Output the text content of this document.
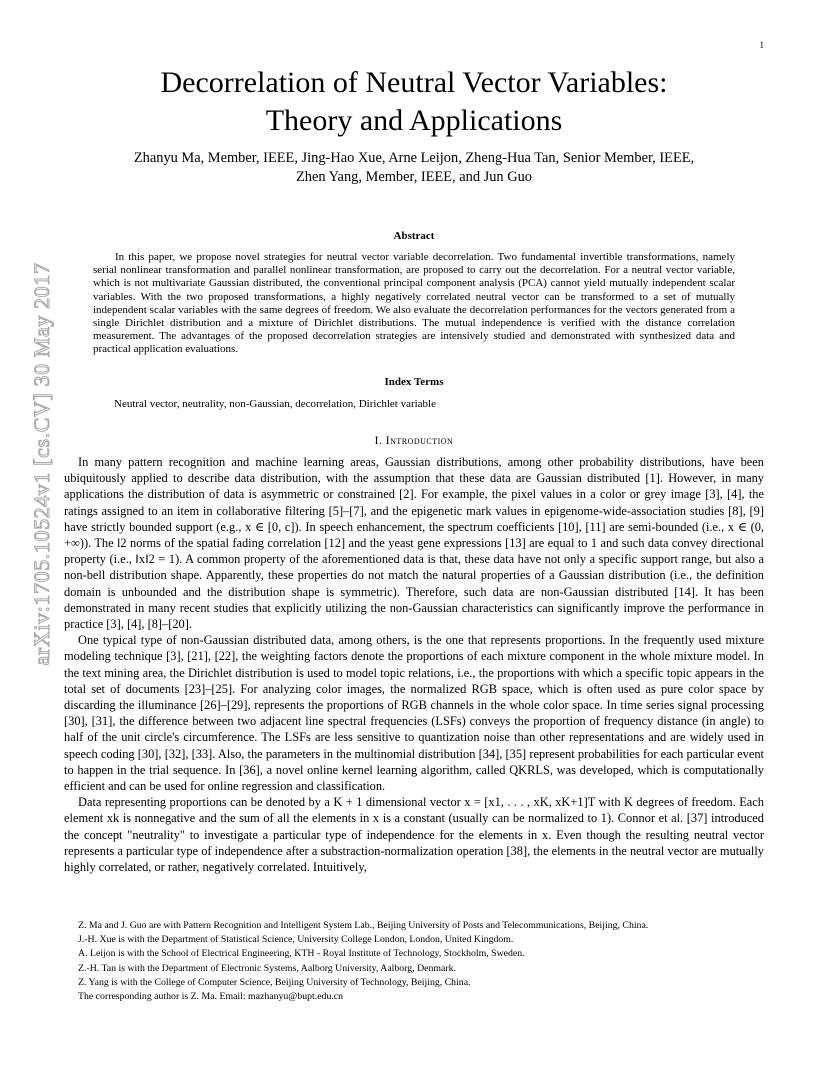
1
arXiv:1705.10524v1 [cs.CV] 30 May 2017
Decorrelation of Neutral Vector Variables:
Theory and Applications
Zhanyu Ma, Member, IEEE, Jing-Hao Xue, Arne Leijon, Zheng-Hua Tan, Senior Member, IEEE,
Zhen Yang, Member, IEEE, and Jun Guo
Abstract

In this paper, we propose novel strategies for neutral vector variable decorrelation. Two fundamental invertible transformations, namely serial nonlinear transformation and parallel nonlinear transformation, are proposed to carry out the decorrelation. For a neutral vector variable, which is not multivariate Gaussian distributed, the conventional principal component analysis (PCA) cannot yield mutually independent scalar variables. With the two proposed transformations, a highly negatively correlated neutral vector can be transformed to a set of mutually independent scalar variables with the same degrees of freedom. We also evaluate the decorrelation performances for the vectors generated from a single Dirichlet distribution and a mixture of Dirichlet distributions. The mutual independence is verified with the distance correlation measurement. The advantages of the proposed decorrelation strategies are intensively studied and demonstrated with synthesized data and practical application evaluations.

Index Terms
Neutral vector, neutrality, non-Gaussian, decorrelation, Dirichlet variable
I. Introduction

In many pattern recognition and machine learning areas, Gaussian distributions, among other probability distributions, have been ubiquitously applied to describe data distribution, with the assumption that these data are Gaussian distributed [1]. However, in many applications the distribution of data is asymmetric or constrained [2]. For example, the pixel values in a color or grey image [3], [4], the ratings assigned to an item in collaborative filtering [5]–[7], and the epigenetic mark values in epigenome-wide-association studies [8], [9] have strictly bounded support (e.g., x ∈ [0, c]). In speech enhancement, the spectrum coefficients [10], [11] are semi-bounded (i.e., x ∈ (0, +∞)). The l2 norms of the spatial fading correlation [12] and the yeast gene expressions [13] are equal to 1 and such data convey directional property (i.e., ‖x‖2 = 1). A common property of the aforementioned data is that, these data have not only a specific support range, but also a non-bell distribution shape. Apparently, these properties do not match the natural properties of a Gaussian distribution (i.e., the definition domain is unbounded and the distribution shape is symmetric). Therefore, such data are non-Gaussian distributed [14]. It has been demonstrated in many recent studies that explicitly utilizing the non-Gaussian characteristics can significantly improve the performance in practice [3], [4], [8]–[20].

One typical type of non-Gaussian distributed data, among others, is the one that represents proportions. In the frequently used mixture modeling technique [3], [21], [22], the weighting factors denote the proportions of each mixture component in the whole mixture model. In the text mining area, the Dirichlet distribution is used to model topic relations, i.e., the proportions with which a specific topic appears in the total set of documents [23]–[25]. For analyzing color images, the normalized RGB space, which is often used as pure color space by discarding the illuminance [26]–[29], represents the proportions of RGB channels in the whole color space. In time series signal processing [30], [31], the difference between two adjacent line spectral frequencies (LSFs) conveys the proportion of frequency distance (in angle) to half of the unit circle's circumference. The LSFs are less sensitive to quantization noise than other representations and are widely used in speech coding [30], [32], [33]. Also, the parameters in the multinomial distribution [34], [35] represent probabilities for each particular event to happen in the trial sequence. In [36], a novel online kernel learning algorithm, called QKRLS, was developed, which is computationally efficient and can be used for online regression and classification.

Data representing proportions can be denoted by a K + 1 dimensional vector x = [x1, . . . , xK, xK+1]T with K degrees of freedom. Each element xk is nonnegative and the sum of all the elements in x is a constant (usually can be normalized to 1). Connor et al. [37] introduced the concept "neutrality" to investigate a particular type of independence for the elements in x. Even though the resulting neutral vector represents a particular type of independence after a substraction-normalization operation [38], the elements in the neutral vector are mutually highly correlated, or rather, negatively correlated. Intuitively,

Z. Ma and J. Guo are with Pattern Recognition and Intelligent System Lab., Beijing University of Posts and Telecommunications, Beijing, China.
J.-H. Xue is with the Department of Statistical Science, University College London, London, United Kingdom.
A. Leijon is with the School of Electrical Engineering, KTH - Royal Institute of Technology, Stockholm, Sweden.
Z.-H. Tan is with the Department of Electronic Systems, Aalborg University, Aalborg, Denmark.
Z. Yang is with the College of Computer Science, Beijing University of Technology, Beijing, China.
The corresponding author is Z. Ma. Email: mazhanyu@bupt.edu.cn
